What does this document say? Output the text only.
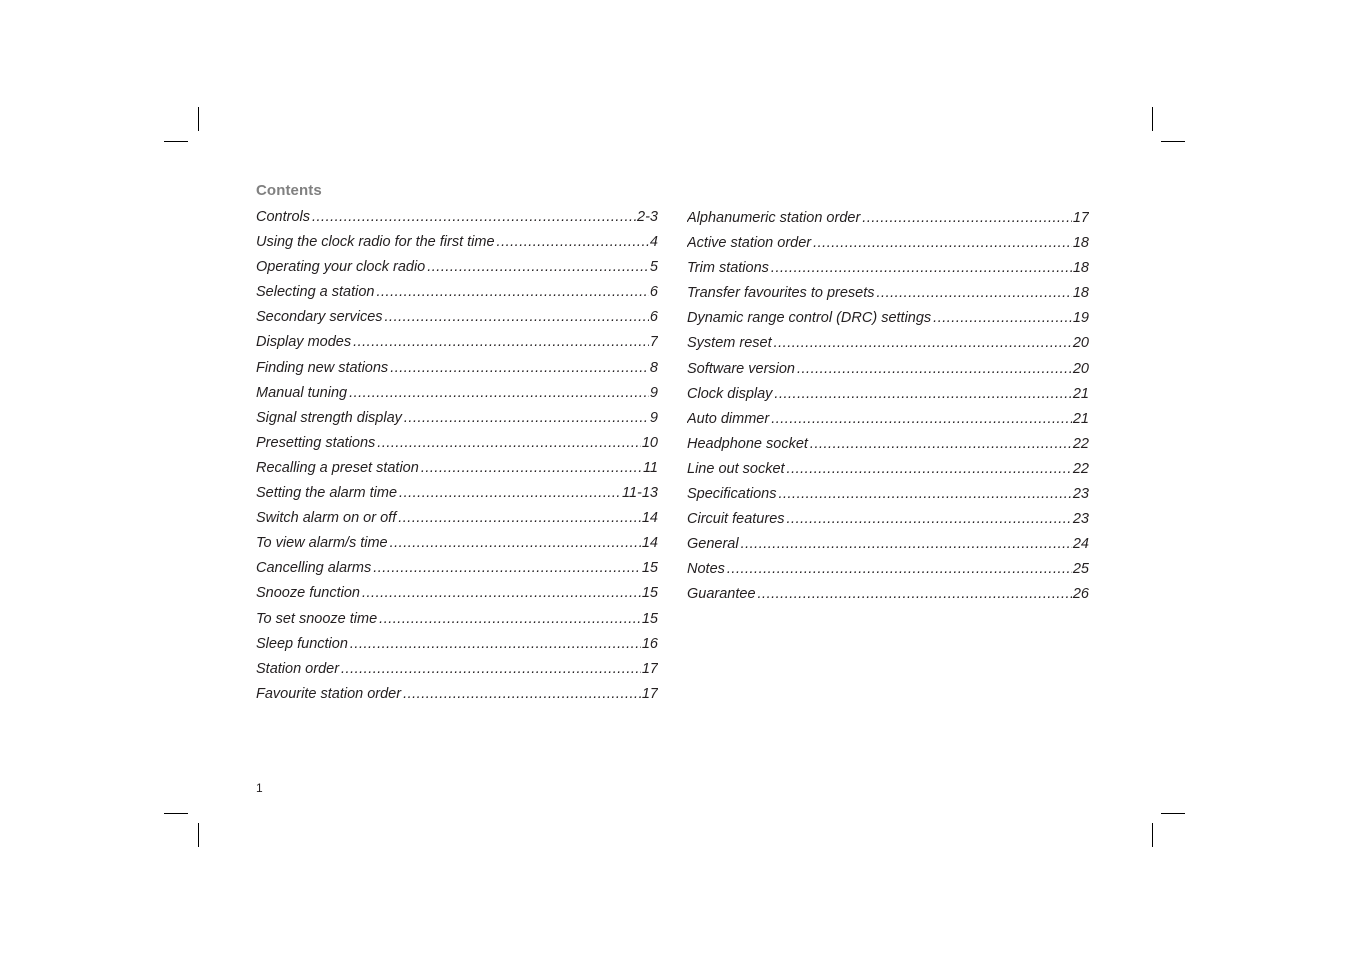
Contents
Controls .....	2-3
Using the clock radio for the first time .....	4
Operating your clock radio .....	5
Selecting a station .....	6
Secondary services .....	6
Display modes .....	7
Finding new stations .....	8
Manual tuning .....	9
Signal strength display .....	9
Presetting stations .....	10
Recalling a preset station .....	11
Setting the alarm time .....	11-13
Switch alarm on or off .....	14
To view alarm/s time .....	14
Cancelling alarms .....	15
Snooze function .....	15
To set snooze time .....	15
Sleep function .....	16
Station order .....	17
Favourite station order .....	17
Alphanumeric station order .....	17
Active station order .....	18
Trim stations .....	18
Transfer favourites to presets .....	18
Dynamic range control (DRC) settings .....	19
System reset .....	20
Software version .....	20
Clock display .....	21
Auto dimmer .....	21
Headphone socket .....	22
Line out socket .....	22
Specifications .....	23
Circuit features .....	23
General .....	24
Notes .....	25
Guarantee .....	26
1
